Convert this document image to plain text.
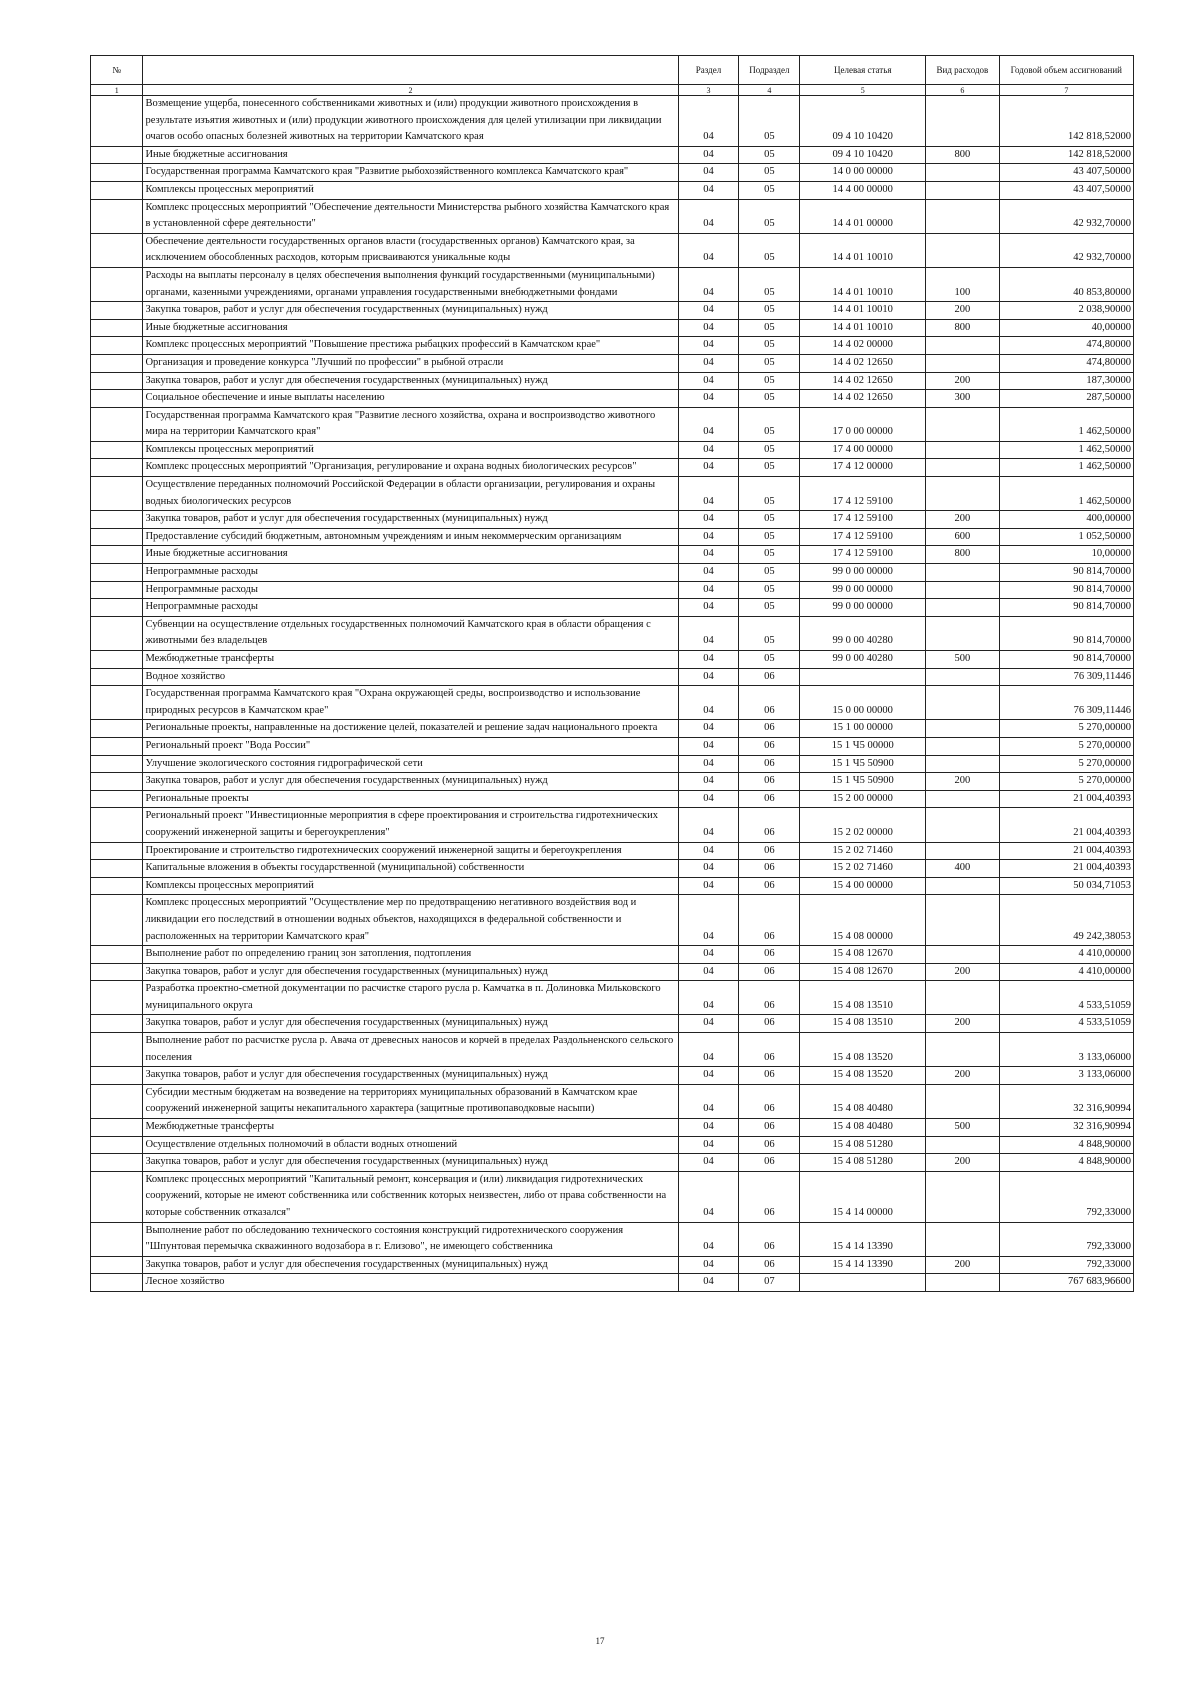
№		Раздел	Подраздел	Целевая статья	Вид расходов	Годовой объем ассигнований
1	2	3	4	5	6	7
	Возмещение ущерба, понесенного собственниками животных и (или) продукции животного происхождения в результате изъятия животных и (или) продукции животного происхождения для целей утилизации при ликвидации очагов особо опасных болезней животных на территории Камчатского края	04	05	09 4 10 10420		142 818,52000
	Иные бюджетные ассигнования	04	05	09 4 10 10420	800	142 818,52000
	Государственная программа Камчатского края "Развитие рыбохозяйственного комплекса Камчатского края"	04	05	14 0 00 00000		43 407,50000
	Комплексы процессных мероприятий	04	05	14 4 00 00000		43 407,50000
	Комплекс процессных мероприятий "Обеспечение деятельности Министерства рыбного хозяйства Камчатского края в установленной сфере деятельности"	04	05	14 4 01 00000		42 932,70000
	Обеспечение деятельности государственных органов власти (государственных органов) Камчатского края, за исключением обособленных расходов, которым присваиваются уникальные коды	04	05	14 4 01 10010		42 932,70000
	Расходы на выплаты персоналу в целях обеспечения выполнения функций государственными (муниципальными) органами, казенными учреждениями, органами управления государственными внебюджетными фондами	04	05	14 4 01 10010	100	40 853,80000
	Закупка товаров, работ и услуг для обеспечения государственных (муниципальных) нужд	04	05	14 4 01 10010	200	2 038,90000
	Иные бюджетные ассигнования	04	05	14 4 01 10010	800	40,00000
	Комплекс процессных мероприятий "Повышение престижа рыбацких профессий в Камчатском крае"	04	05	14 4 02 00000		474,80000
	Организация и проведение конкурса "Лучший по профессии" в рыбной отрасли	04	05	14 4 02 12650		474,80000
	Закупка товаров, работ и услуг для обеспечения государственных (муниципальных) нужд	04	05	14 4 02 12650	200	187,30000
	Социальное обеспечение и иные выплаты населению	04	05	14 4 02 12650	300	287,50000
	Государственная программа Камчатского края "Развитие лесного хозяйства, охрана и воспроизводство животного мира на территории Камчатского края"	04	05	17 0 00 00000		1 462,50000
	Комплексы процессных мероприятий	04	05	17 4 00 00000		1 462,50000
	Комплекс процессных мероприятий "Организация, регулирование и охрана водных биологических ресурсов"	04	05	17 4 12 00000		1 462,50000
	Осуществление переданных полномочий Российской Федерации в области организации, регулирования и охраны водных биологических ресурсов	04	05	17 4 12 59100		1 462,50000
	Закупка товаров, работ и услуг для обеспечения государственных (муниципальных) нужд	04	05	17 4 12 59100	200	400,00000
	Предоставление субсидий бюджетным, автономным учреждениям и иным некоммерческим организациям	04	05	17 4 12 59100	600	1 052,50000
	Иные бюджетные ассигнования	04	05	17 4 12 59100	800	10,00000
	Непрограммные расходы	04	05	99 0 00 00000		90 814,70000
	Непрограммные расходы	04	05	99 0 00 00000		90 814,70000
	Непрограммные расходы	04	05	99 0 00 00000		90 814,70000
	Субвенции на осуществление отдельных государственных полномочий Камчатского края в области обращения с животными без владельцев	04	05	99 0 00 40280		90 814,70000
	Межбюджетные трансферты	04	05	99 0 00 40280	500	90 814,70000
	Водное хозяйство	04	06			76 309,11446
	Государственная программа Камчатского края "Охрана окружающей среды, воспроизводство и использование природных ресурсов в Камчатском крае"	04	06	15 0 00 00000		76 309,11446
	Региональные проекты, направленные на достижение целей, показателей и решение задач национального проекта	04	06	15 1 00 00000		5 270,00000
	Региональный проект "Вода России"	04	06	15 1 Ч5 00000		5 270,00000
	Улучшение экологического состояния гидрографической сети	04	06	15 1 Ч5 50900		5 270,00000
	Закупка товаров, работ и услуг для обеспечения государственных (муниципальных) нужд	04	06	15 1 Ч5 50900	200	5 270,00000
	Региональные проекты	04	06	15 2 00 00000		21 004,40393
	Региональный проект "Инвестиционные мероприятия в сфере проектирования и строительства гидротехнических сооружений инженерной защиты и берегоукрепления"	04	06	15 2 02 00000		21 004,40393
	Проектирование и строительство гидротехнических сооружений инженерной защиты и берегоукрепления	04	06	15 2 02 71460		21 004,40393
	Капитальные вложения в объекты государственной (муниципальной) собственности	04	06	15 2 02 71460	400	21 004,40393
	Комплексы процессных мероприятий	04	06	15 4 00 00000		50 034,71053
	Комплекс процессных мероприятий "Осуществление мер по предотвращению негативного воздействия вод и ликвидации его последствий в отношении водных объектов, находящихся в федеральной собственности и расположенных на территории Камчатского края"	04	06	15 4 08 00000		49 242,38053
	Выполнение работ по определению границ зон затопления, подтопления	04	06	15 4 08 12670		4 410,00000
	Закупка товаров, работ и услуг для обеспечения государственных (муниципальных) нужд	04	06	15 4 08 12670	200	4 410,00000
	Разработка проектно-сметной документации по расчистке старого русла р. Камчатка в п. Долиновка Мильковского муниципального округа	04	06	15 4 08 13510		4 533,51059
	Закупка товаров, работ и услуг для обеспечения государственных (муниципальных) нужд	04	06	15 4 08 13510	200	4 533,51059
	Выполнение работ по расчистке русла р. Авача от древесных наносов и корчей в пределах Раздольненского сельского поселения	04	06	15 4 08 13520		3 133,06000
	Закупка товаров, работ и услуг для обеспечения государственных (муниципальных) нужд	04	06	15 4 08 13520	200	3 133,06000
	Субсидии местным бюджетам на возведение на территориях муниципальных образований в Камчатском крае сооружений инженерной защиты некапитального характера (защитные противопаводковые насыпи)	04	06	15 4 08 40480		32 316,90994
	Межбюджетные трансферты	04	06	15 4 08 40480	500	32 316,90994
	Осуществление отдельных полномочий в области водных отношений	04	06	15 4 08 51280		4 848,90000
	Закупка товаров, работ и услуг для обеспечения государственных (муниципальных) нужд	04	06	15 4 08 51280	200	4 848,90000
	Комплекс процессных мероприятий "Капитальный ремонт, консервация и (или) ликвидация гидротехнических сооружений, которые не имеют собственника или собственник которых неизвестен, либо от права собственности на которые собственник отказался"	04	06	15 4 14 00000		792,33000
	Выполнение работ по обследованию технического состояния конструкций гидротехнического сооружения "Шпунтовая перемычка скважинного водозабора в г. Елизово", не имеющего собственника	04	06	15 4 14 13390		792,33000
	Закупка товаров, работ и услуг для обеспечения государственных (муниципальных) нужд	04	06	15 4 14 13390	200	792,33000
	Лесное хозяйство	04	07			767 683,96600
17
